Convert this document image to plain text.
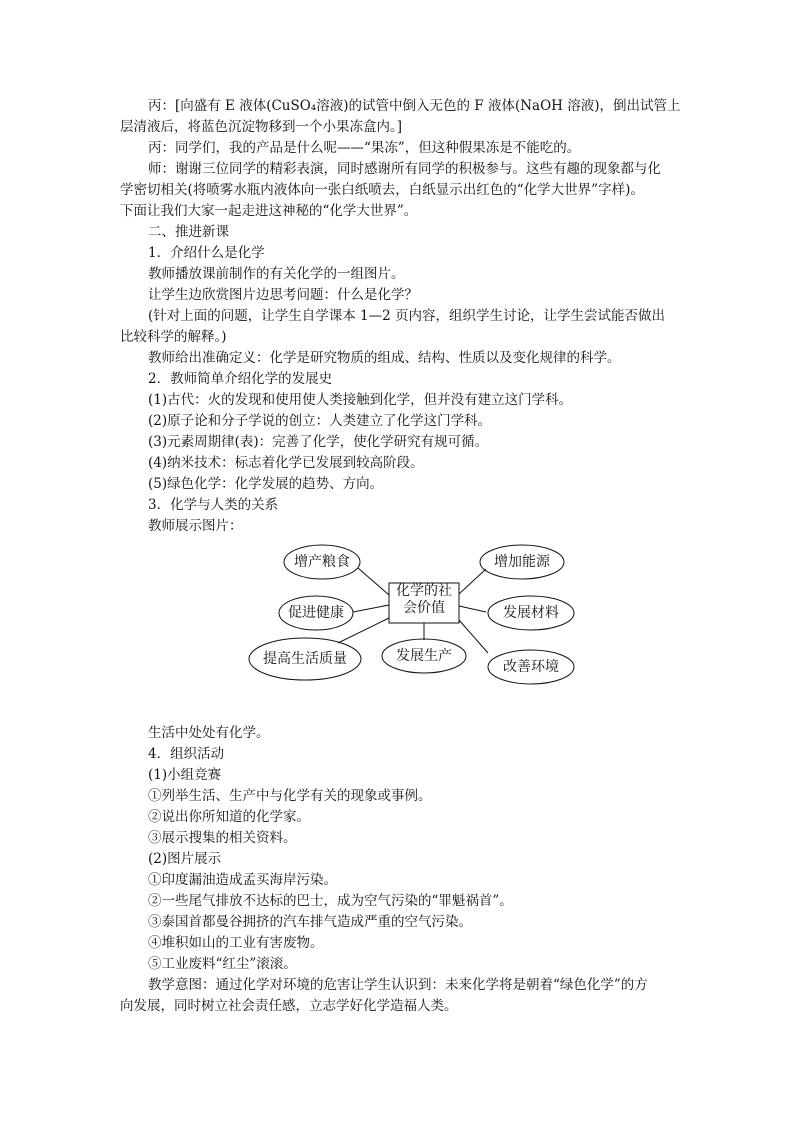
丙：[向盛有 E 液体(CuSO₄溶液)的试管中倒入无色的 F 液体(NaOH 溶液)，倒出试管上
层清液后，将蓝色沉淀物移到一个小果冻盒内。]
丙：同学们，我的产品是什么呢——“果冻”，但这种假果冻是不能吃的。
师：谢谢三位同学的精彩表演，同时感谢所有同学的积极参与。这些有趣的现象都与化
学密切相关(将喷雾水瓶内液体向一张白纸喷去，白纸显示出红色的“化学大世界”字样)。
下面让我们大家一起走进这神秘的“化学大世界”。
二、推进新课
1．介绍什么是化学
教师播放课前制作的有关化学的一组图片。
让学生边欣赏图片边思考问题：什么是化学？
(针对上面的问题，让学生自学课本 1—2 页内容，组织学生讨论，让学生尝试能否做出
比较科学的解释。)
教师给出准确定义：化学是研究物质的组成、结构、性质以及变化规律的科学。
2．教师简单介绍化学的发展史
(1)古代：火的发现和使用使人类接触到化学，但并没有建立这门学科。
(2)原子论和分子学说的创立：人类建立了化学这门学科。
(3)元素周期律(表)：完善了化学，使化学研究有规可循。
(4)纳米技术：标志着化学已发展到较高阶段。
(5)绿色化学：化学发展的趋势、方向。
3．化学与人类的关系
教师展示图片：
化学的社
会价值
增产粮食
促进健康
提高生活质量	发展生产
增加能源
发展材料
改善环境
生活中处处有化学。
4．组织活动
(1)小组竞赛
①列举生活、生产中与化学有关的现象或事例。
②说出你所知道的化学家。
③展示搜集的相关资料。
(2)图片展示
①印度漏油造成孟买海岸污染。
②一些尾气排放不达标的巴士，成为空气污染的“罪魁祸首”。
③泰国首都曼谷拥挤的汽车排气造成严重的空气污染。
④堆积如山的工业有害废物。
⑤工业废料“红尘”滚滚。
教学意图：通过化学对环境的危害让学生认识到：未来化学将是朝着“绿色化学”的方
向发展，同时树立社会责任感，立志学好化学造福人类。
